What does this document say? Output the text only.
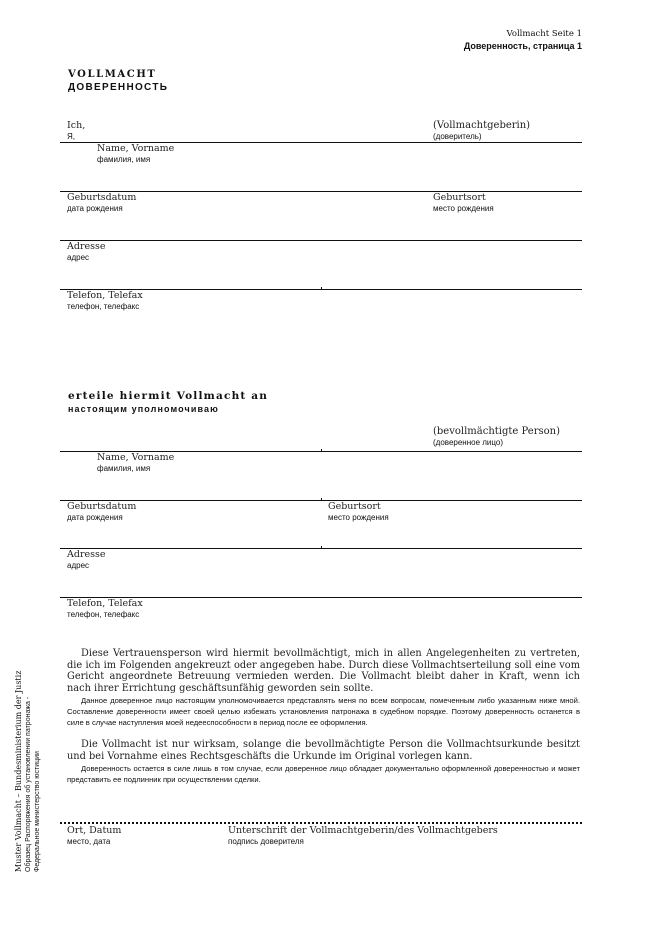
Vollmacht Seite 1
Доверенность, страница 1
VOLLMACHT
ДОВЕРЕННОСТЬ
Ich,
Я,
(Vollmachtgeberin)
(доверитель)
Name, Vorname
фамилия, имя
Geburtsdatum
дата рождения
Geburtsort
место рождения
Adresse
адрес
Telefon, Telefax
телефон, телефакс
erteile hiermit Vollmacht an
настоящим уполномочиваю
(bevollmächtigte Person)
(доверенное лицо)
Name, Vorname
фамилия, имя
Geburtsdatum
дата рождения
Geburtsort
место рождения
Adresse
адрес
Telefon, Telefax
телефон, телефакс
Diese Vertrauensperson wird hiermit bevollmächtigt, mich in allen Angelegenheiten zu vertreten, die ich im Folgenden angekreuzt oder angegeben habe. Durch diese Vollmachtserteilung soll eine vom Gericht angeordnete Betreuung vermieden werden. Die Vollmacht bleibt daher in Kraft, wenn ich nach ihrer Errichtung geschäftsunfähig geworden sein sollte.
Данное доверенное лицо настоящим уполномочивается представлять меня по всем вопросам, помеченным либо указанным ниже мной. Составление доверенности имеет своей целью избежать установления патронажа в судебном порядке. Поэтому доверенность останется в силе в случае наступления моей недееспособности в период после ее оформления.
Die Vollmacht ist nur wirksam, solange die bevollmächtigte Person die Vollmachtsurkunde besitzt und bei Vornahme eines Rechtsgeschäfts die Urkunde im Original vorlegen kann.
Доверенность остается в силе лишь в том случае, если доверенное лицо обладает документально оформленной доверенностью и может представить ее подлинник при осуществлении сделки.
Ort, Datum
место, дата
Unterschrift der Vollmachtgeberin/des Vollmachtgebers
подпись доверителя
Muster Vollmacht – Bundesministerium der Justiz Образец Распоряжения об установлении патронажа - Федеральное министерство юстиции
